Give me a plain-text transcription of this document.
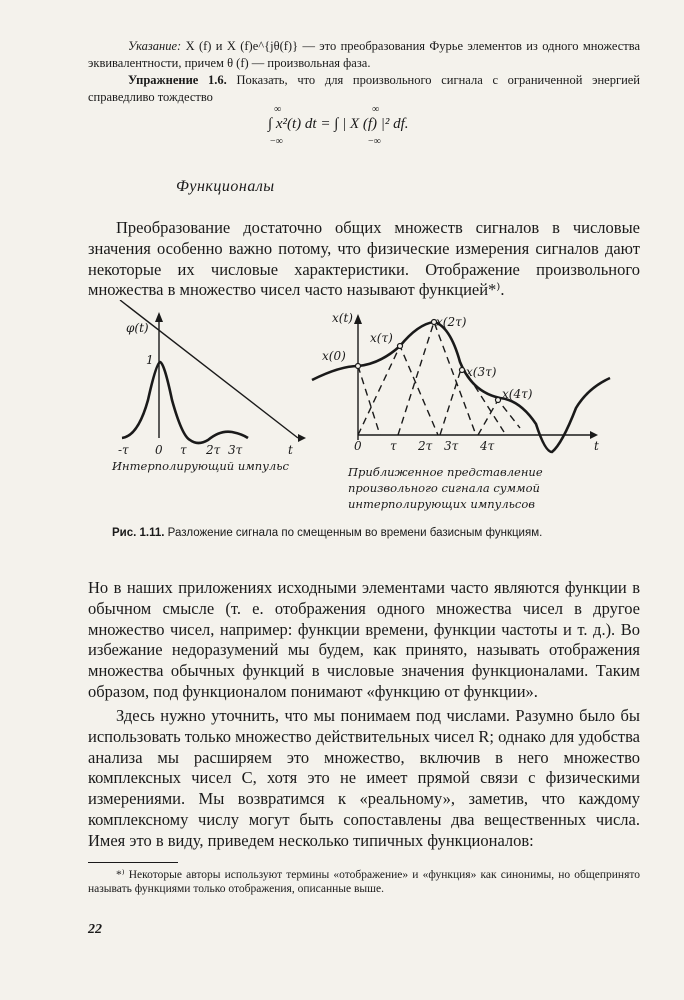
Указание: X (f) и X (f)e^{jθ(f)} — это преобразования Фурье элементов из одного множества эквивалентности, причем θ (f) — произвольная фаза.
Упражнение 1.6. Показать, что для произвольного сигнала с ограниченной энергией справедливо тождество
∞
−∞
∞
−∞
∫ x²(t) dt = ∫ | X (f) |² df.
Функционалы
Преобразование достаточно общих множеств сигналов в числовые значения особенно важно потому, что физические измерения сигналов дают некоторые их числовые характеристики. Отображение произвольного множества в множество чисел часто называют функцией*⁾.
φ(t)
1
-τ 0 τ 2τ 3τ	t
Интерполирующий импульс
x(t)
x(0)
x(τ)
x(2τ)
x(3τ)
x(4τ)
0 τ 2τ 3τ 4τ	t
Приближенное представление
произвольного сигнала суммой
интерполирующих импульсов
Рис. 1.11. Разложение сигнала по смещенным во времени базисным функциям.
Но в наших приложениях исходными элементами часто являются функции в обычном смысле (т. е. отображения одного множества чисел в другое множество чисел, например: функции времени, функции частоты и т. д.). Во избежание недоразумений мы будем, как принято, называть отображения множества обычных функций в числовые значения функционалами. Таким образом, под функционалом понимают «функцию от функции».
Здесь нужно уточнить, что мы понимаем под числами. Разумно было бы использовать только множество действительных чисел R; однако для удобства анализа мы расширяем это множество, включив в него множество комплексных чисел C, хотя это не имеет прямой связи с физическими измерениями. Мы возвратимся к «реальному», заметив, что каждому комплексному числу могут быть сопоставлены два вещественных числа. Имея это в виду, приведем несколько типичных функционалов:
*⁾ Некоторые авторы используют термины «отображение» и «функция» как синонимы, но общепринято называть функциями только отображения, описанные выше.
22
